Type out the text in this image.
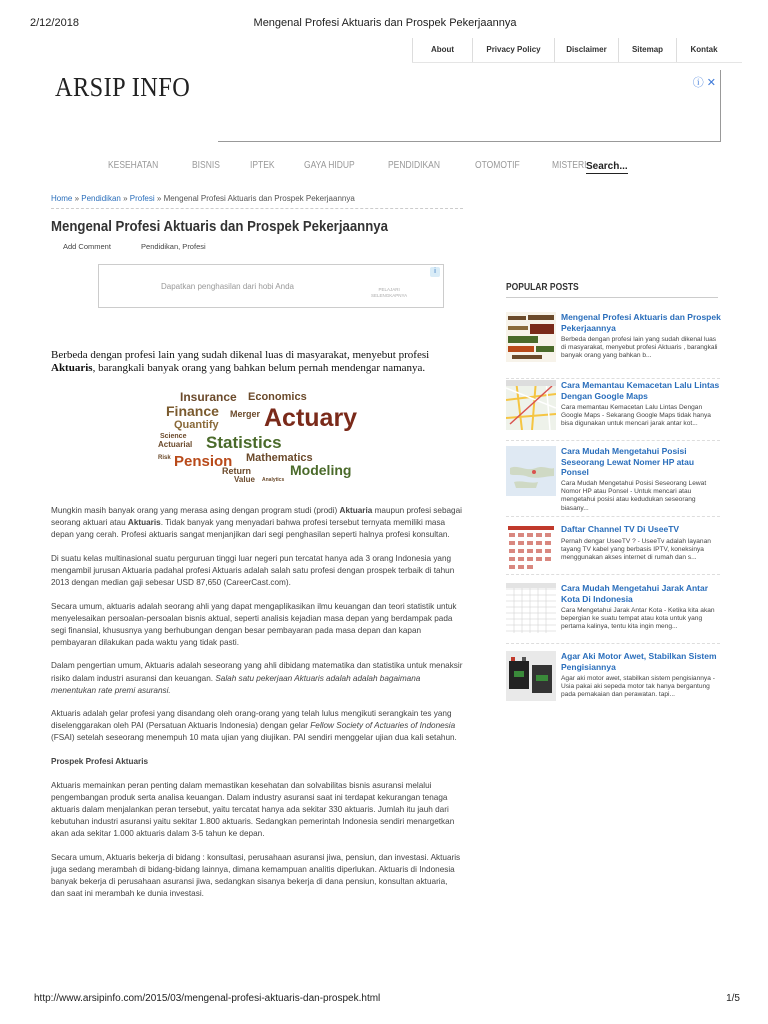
2/12/2018	Mengenal Profesi Aktuaris dan Prospek Pekerjaannya
About	Privacy Policy	Disclaimer	Sitemap	Kontak
ARSIP INFO	ⓘ ✕
KESEHATAN	BISNIS	IPTEK	GAYA HIDUP	PENDIDIKAN	OTOMOTIF	MISTERI Search...
Home » Pendidikan » Profesi » Mengenal Profesi Aktuaris dan Prospek Pekerjaannya
Mengenal Profesi Aktuaris dan Prospek Pekerjaannya
Add Comment	Pendidikan, Profesi
Dapatkan penghasilan dari hobi Anda	PELAJARI
SELENGKAPNYA
i

Berbeda dengan profesi lain yang sudah dikenal luas di masyarakat, menyebut profesi Aktuaris, barangkali banyak orang yang bahkan belum pernah mendengar namanya.

Insurance Economics
Finance Merger Actuary
Quantify
Science
Actuarial Statistics
Risk Pension Mathematics
Return	Modeling
Value Analytics

Mungkin masih banyak orang yang merasa asing dengan program studi (prodi) Aktuaria maupun profesi sebagai seorang aktuari atau Aktuaris. Tidak banyak yang menyadari bahwa profesi tersebut ternyata memiliki masa depan yang cerah. Profesi aktuaris sangat menjanjikan dari segi penghasilan seperti halnya profesi konsultan.

Di suatu kelas multinasional suatu perguruan tinggi luar negeri pun tercatat hanya ada 3 orang Indonesia yang mengambil jurusan Aktuaria padahal profesi Aktuaris adalah salah satu profesi dengan prospek terbaik di tahun 2013 dengan median gaji sebesar USD 87,650 (CareerCast.com).

Secara umum, aktuaris adalah seorang ahli yang dapat mengaplikasikan ilmu keuangan dan teori statistik untuk menyelesaikan persoalan-persoalan bisnis aktual, seperti analisis kejadian masa depan yang berdampak pada segi finansial, khususnya yang berhubungan dengan besar pembayaran pada masa depan dan kapan pembayaran dilakukan pada waktu yang tidak pasti.

Dalam pengertian umum, Aktuaris adalah seseorang yang ahli dibidang matematika dan statistika untuk menaksir risiko dalam industri asuransi dan keuangan. Salah satu pekerjaan Aktuaris adalah adalah bagaimana menentukan rate premi asuransi.

Aktuaris adalah gelar profesi yang disandang oleh orang-orang yang telah lulus mengikuti serangkain tes yang diselenggarakan oleh PAI (Persatuan Aktuaris Indonesia) dengan gelar Fellow Society of Actuaries of Indonesia (FSAI) setelah seseorang menempuh 10 mata ujian yang diujikan. PAI sendiri menggelar ujian dua kali setahun.

Prospek Profesi Aktuaris

Aktuaris memainkan peran penting dalam memastikan kesehatan dan solvabilitas bisnis asuransi melalui pengembangan produk serta analisa keuangan. Dalam industry asuransi saat ini terdapat kekurangan tenaga aktuaris dalam menjalankan peran tersebut, yaitu tercatat hanya ada sekitar 330 aktuaris. Jumlah itu jauh dari kebutuhan industri asuransi yaitu sekitar 1.800 aktuaris. Sedangkan pemerintah Indonesia sendiri menargetkan akan ada sekitar 1.000 aktuaris dalam 3-5 tahun ke depan.

Secara umum, Aktuaris bekerja di bidang : konsultasi, perusahaan asuransi jiwa, pensiun, dan investasi. Aktuaris juga sedang merambah di bidang-bidang lainnya, dimana kemampuan analitis diperlukan. Aktuaris di Indonesia banyak bekerja di perusahaan asuransi jiwa, sedangkan sisanya bekerja di dana pensiun, konsultan aktuaria, dan saat ini merambah ke dunia investasi.

POPULAR POSTS
Mengenal Profesi Aktuaris dan Prospek Pekerjaannya
Berbeda dengan profesi lain yang sudah dikenal luas di masyarakat, menyebut profesi Aktuaris , barangkali banyak orang yang bahkan b...
Cara Memantau Kemacetan Lalu Lintas Dengan Google Maps
Cara memantau Kemacetan Lalu Lintas Dengan Google Maps - Sekarang Google Maps tidak hanya bisa digunakan untuk mencari jarak antar kot...
Cara Mudah Mengetahui Posisi Seseorang Lewat Nomer HP atau Ponsel
Cara Mudah Mengetahui Posisi Seseorang Lewat Nomor HP atau Ponsel - Untuk mencari atau mengetahui posisi atau kedudukan seseorang biasany...
Daftar Channel TV Di UseeTV
Pernah dengar UseeTV ? - UseeTv adalah layanan tayang TV kabel yang berbasis IPTV, koneksinya menggunakan akses internet di rumah dan s...
Cara Mudah Mengetahui Jarak Antar Kota Di Indonesia
Cara Mengetahui Jarak Antar Kota - Ketika kita akan bepergian ke suatu tempat atau kota untuk yang pertama kalinya, tentu kita ingin meng...
Agar Aki Motor Awet, Stabilkan Sistem Pengisiannya
Agar aki motor awet, stabilkan sistem pengisiannya - Usia pakai aki sepeda motor tak hanya bergantung pada pemakaian dan perawatan. tapi...
http://www.arsipinfo.com/2015/03/mengenal-profesi-aktuaris-dan-prospek.html	1/5
